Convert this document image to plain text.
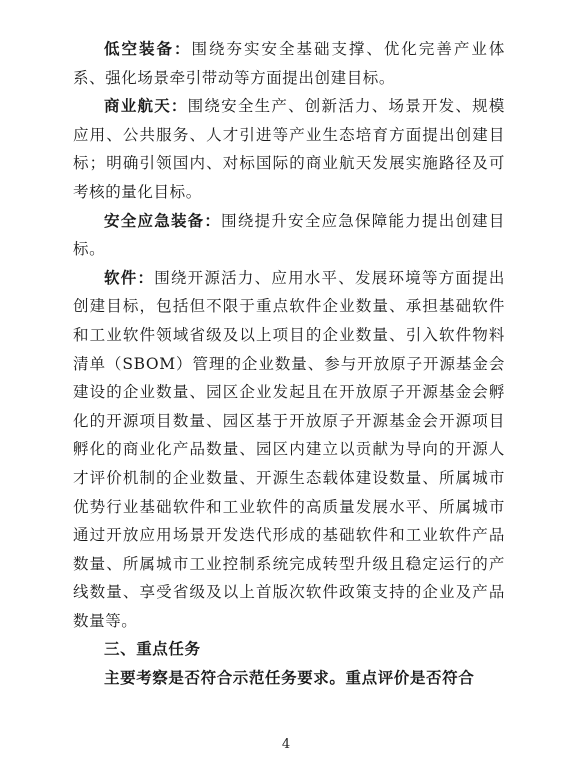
低空装备：围绕夯实安全基础支撑、优化完善产业体系、强化场景牵引带动等方面提出创建目标。

商业航天：围绕安全生产、创新活力、场景开发、规模应用、公共服务、人才引进等产业生态培育方面提出创建目标；明确引领国内、对标国际的商业航天发展实施路径及可考核的量化目标。

安全应急装备：围绕提升安全应急保障能力提出创建目标。

软件：围绕开源活力、应用水平、发展环境等方面提出创建目标，包括但不限于重点软件企业数量、承担基础软件和工业软件领域省级及以上项目的企业数量、引入软件物料清单（SBOM）管理的企业数量、参与开放原子开源基金会建设的企业数量、园区企业发起且在开放原子开源基金会孵化的开源项目数量、园区基于开放原子开源基金会开源项目孵化的商业化产品数量、园区内建立以贡献为导向的开源人才评价机制的企业数量、开源生态载体建设数量、所属城市优势行业基础软件和工业软件的高质量发展水平、所属城市通过开放应用场景开发迭代形成的基础软件和工业软件产品数量、所属城市工业控制系统完成转型升级且稳定运行的产线数量、享受省级及以上首版次软件政策支持的企业及产品数量等。

三、重点任务

主要考察是否符合示范任务要求。重点评价是否符合

4
